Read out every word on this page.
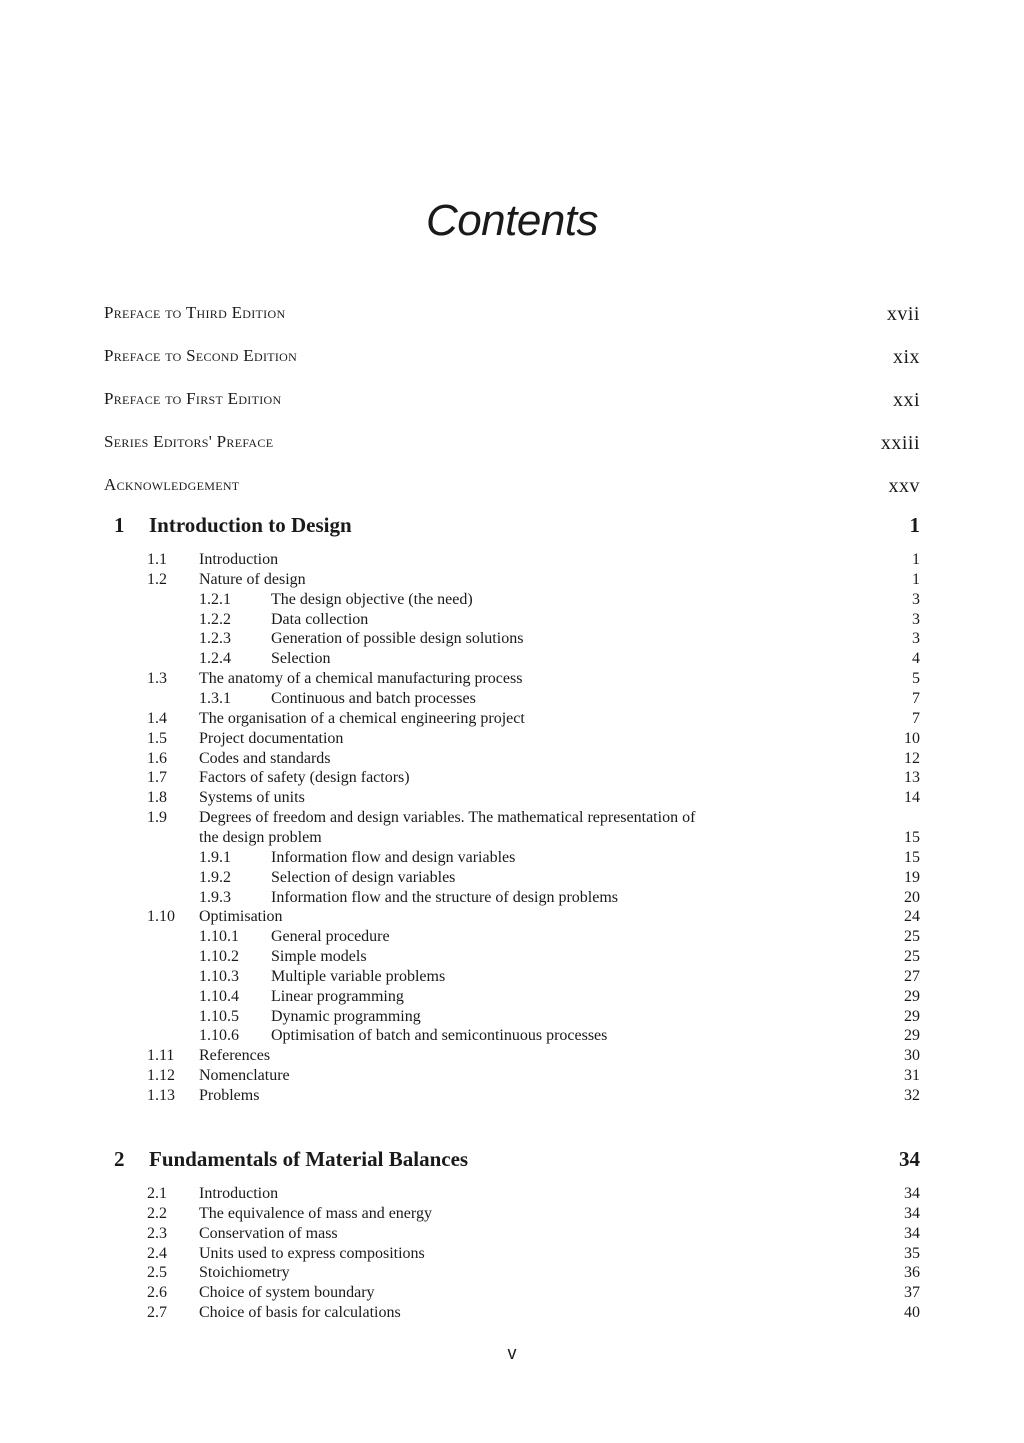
Contents
Preface to Third Edition	xvii
Preface to Second Edition	xix
Preface to First Edition	xxi
Series Editors' Preface	xxiii
Acknowledgement	xxv
1 Introduction to Design	1
1.1 Introduction	1
1.2 Nature of design	1
1.2.1	The design objective (the need)	3
1.2.2	Data collection	3
1.2.3	Generation of possible design solutions	3
1.2.4	Selection	4
1.3 The anatomy of a chemical manufacturing process	5
1.3.1	Continuous and batch processes	7
1.4 The organisation of a chemical engineering project	7
1.5 Project documentation	10
1.6 Codes and standards	12
1.7 Factors of safety (design factors)	13
1.8 Systems of units	14
1.9 Degrees of freedom and design variables. The mathematical representation of
the design problem	15
1.9.1	Information flow and design variables	15
1.9.2	Selection of design variables	19
1.9.3	Information flow and the structure of design problems	20
1.10 Optimisation	24
1.10.1 General procedure	25
1.10.2 Simple models	25
1.10.3 Multiple variable problems	27
1.10.4 Linear programming	29
1.10.5 Dynamic programming	29
1.10.6 Optimisation of batch and semicontinuous processes	29
1.11 References	30
1.12 Nomenclature	31
1.13 Problems	32
2 Fundamentals of Material Balances	34
2.1 Introduction	34
2.2 The equivalence of mass and energy	34
2.3 Conservation of mass	34
2.4 Units used to express compositions	35
2.5 Stoichiometry	36
2.6 Choice of system boundary	37
2.7 Choice of basis for calculations	40
v
